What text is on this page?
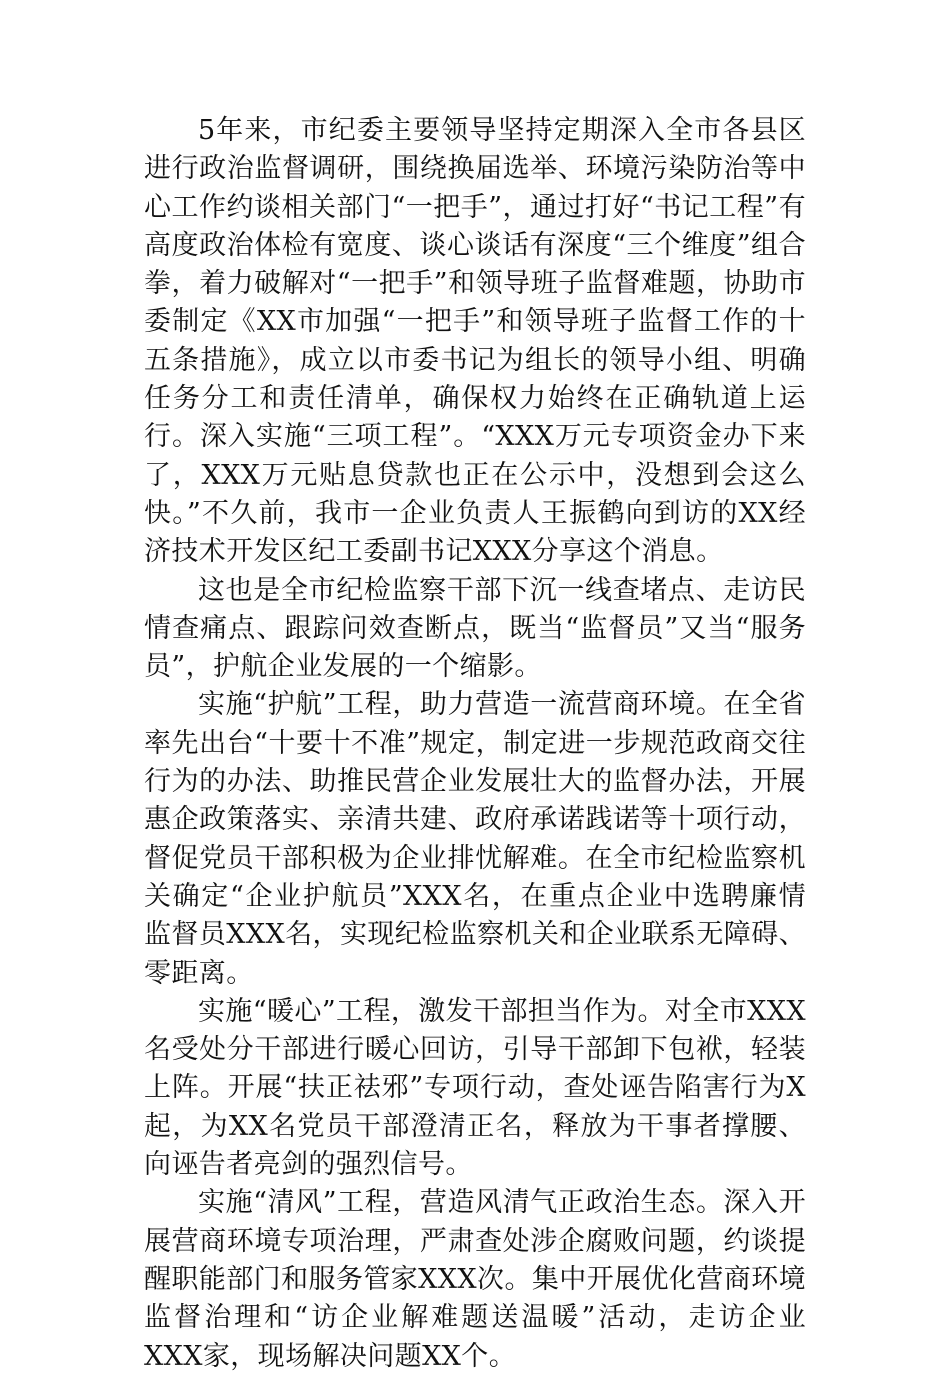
5年来，市纪委主要领导坚持定期深入全市各县区进行政治监督调研，围绕换届选举、环境污染防治等中心工作约谈相关部门“一把手”，通过打好“书记工程”有高度政治体检有宽度、谈心谈话有深度“三个维度”组合拳，着力破解对“一把手”和领导班子监督难题，协助市委制定《XX市加强“一把手”和领导班子监督工作的十五条措施》，成立以市委书记为组长的领导小组、明确任务分工和责任清单，确保权力始终在正确轨道上运行。深入实施“三项工程”。“XXX万元专项资金办下来了，XXX万元贴息贷款也正在公示中，没想到会这么快。”不久前，我市一企业负责人王振鹤向到访的XX经济技术开发区纪工委副书记XXX分享这个消息。

这也是全市纪检监察干部下沉一线查堵点、走访民情查痛点、跟踪问效查断点，既当“监督员”又当“服务员”，护航企业发展的一个缩影。

实施“护航”工程，助力营造一流营商环境。在全省率先出台“十要十不准”规定，制定进一步规范政商交往行为的办法、助推民营企业发展壮大的监督办法，开展惠企政策落实、亲清共建、政府承诺践诺等十项行动，督促党员干部积极为企业排忧解难。在全市纪检监察机关确定“企业护航员”XXX名，在重点企业中选聘廉情监督员XXX名，实现纪检监察机关和企业联系无障碍、零距离。

实施“暖心”工程，激发干部担当作为。对全市XXX名受处分干部进行暖心回访，引导干部卸下包袱，轻装上阵。开展“扶正祛邪”专项行动，查处诬告陷害行为X起，为XX名党员干部澄清正名，释放为干事者撑腰、向诬告者亮剑的强烈信号。

实施“清风”工程，营造风清气正政治生态。深入开展营商环境专项治理，严肃查处涉企腐败问题，约谈提醒职能部门和服务管家XXX次。集中开展优化营商环境监督治理和“访企业解难题送温暖”活动，走访企业XXX家，现场解决问题XX个。
